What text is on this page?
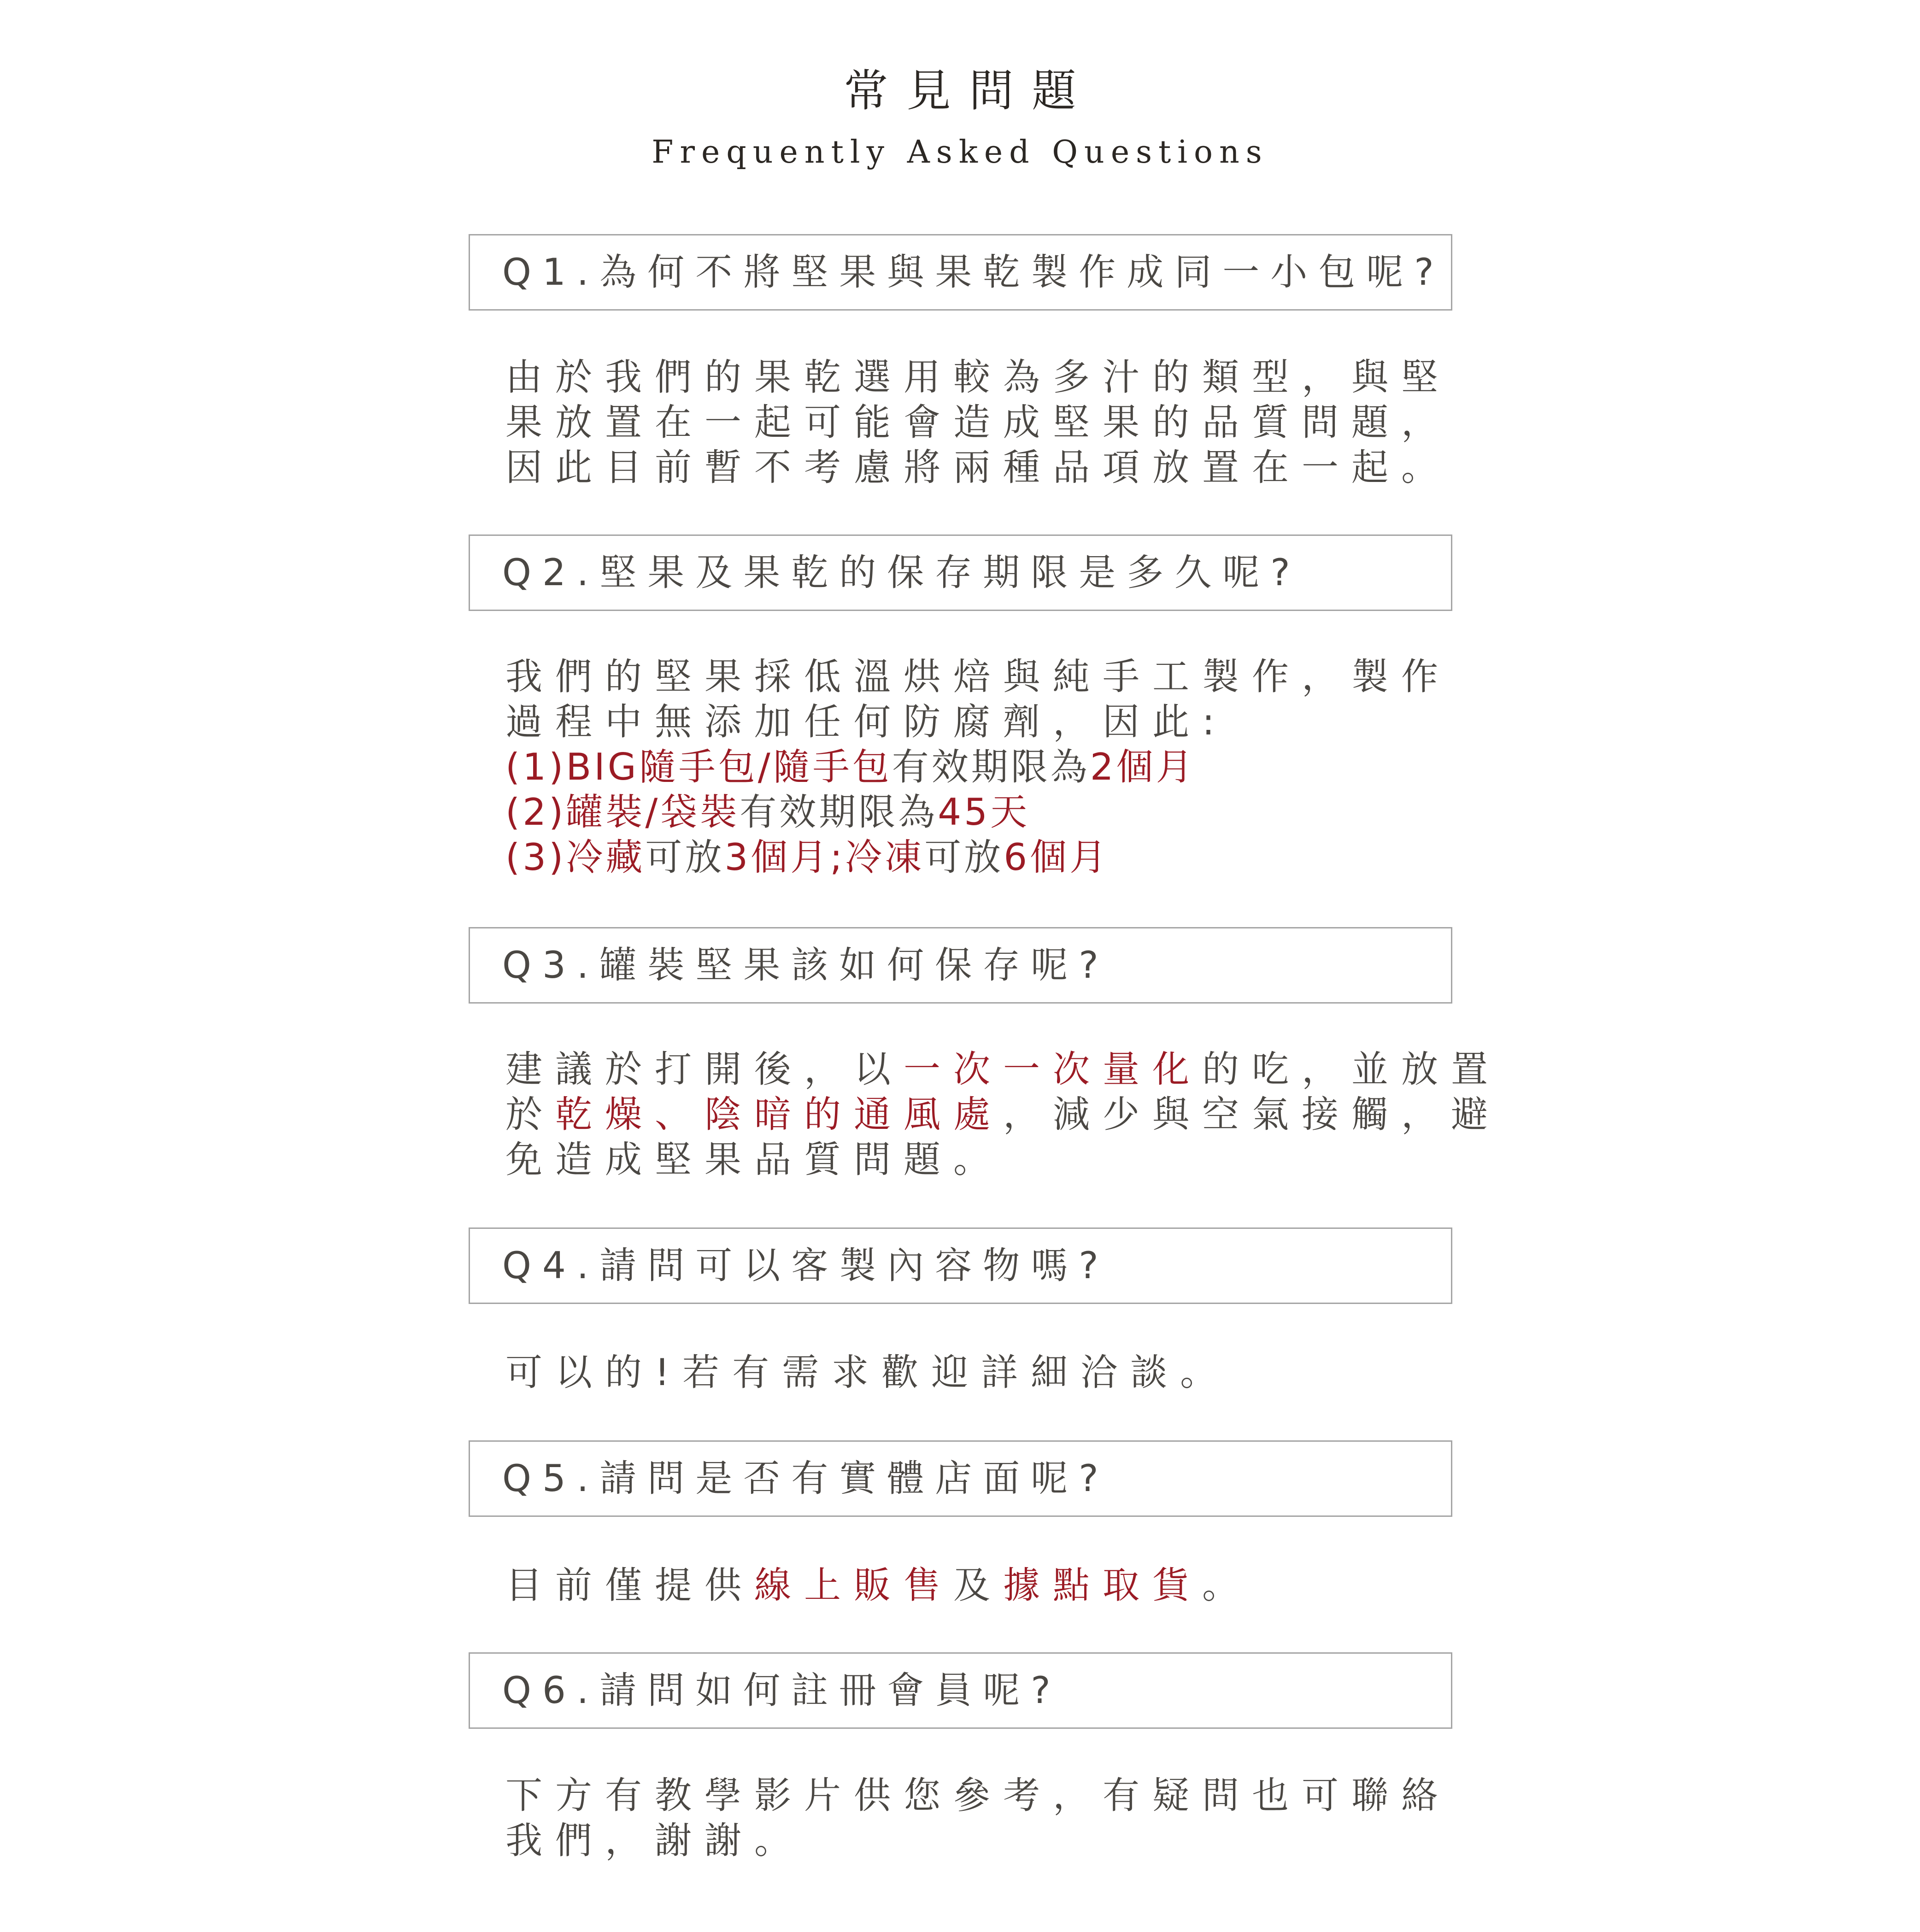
常見問題
Frequently Asked Questions
Q1.為何不將堅果與果乾製作成同一小包呢?
由於我們的果乾選用較為多汁的類型，與堅
果放置在一起可能會造成堅果的品質問題，
因此目前暫不考慮將兩種品項放置在一起。
Q2.堅果及果乾的保存期限是多久呢?
我們的堅果採低溫烘焙與純手工製作，製作
過程中無添加任何防腐劑，因此:
(1)BIG隨手包/隨手包有效期限為2個月
(2)罐裝/袋裝有效期限為45天
(3)冷藏可放3個月;冷凍可放6個月
Q3.罐裝堅果該如何保存呢?
建議於打開後，以一次一次量化的吃，並放置
於乾燥、陰暗的通風處，減少與空氣接觸，避
免造成堅果品質問題。
Q4.請問可以客製內容物嗎?
可以的!若有需求歡迎詳細洽談。
Q5.請問是否有實體店面呢?
目前僅提供線上販售及據點取貨。
Q6.請問如何註冊會員呢?
下方有教學影片供您參考，有疑問也可聯絡
我們，謝謝。
